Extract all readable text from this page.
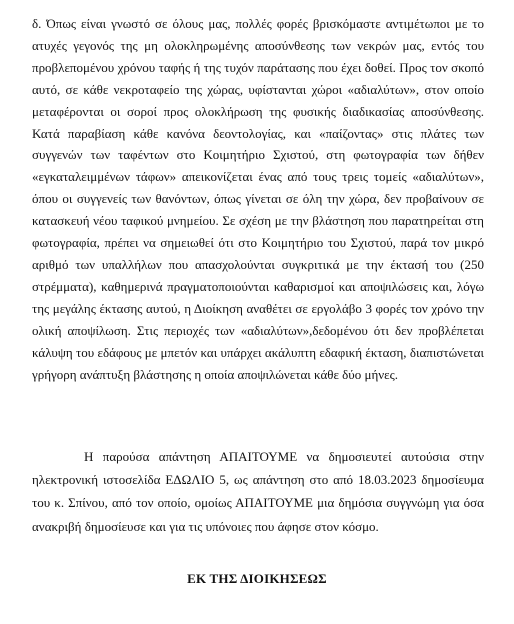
δ. Όπως είναι γνωστό σε όλους μας, πολλές φορές βρισκόμαστε αντιμέτωποι με το ατυχές γεγονός της μη ολοκληρωμένης αποσύνθεσης των νεκρών μας, εντός του προβλεπομένου χρόνου ταφής ή της τυχόν παράτασης που έχει δοθεί. Προς τον σκοπό αυτό, σε κάθε νεκροταφείο της χώρας, υφίστανται χώροι «αδιαλύτων», στον οποίο μεταφέρονται οι σοροί προς ολοκλήρωση της φυσικής διαδικασίας αποσύνθεσης. Κατά παραβίαση κάθε κανόνα δεοντολογίας, και «παίζοντας» στις πλάτες των συγγενών των ταφέντων στο Κοιμητήριο Σχιστού, στη φωτογραφία των δήθεν «εγκαταλειμμένων τάφων» απεικονίζεται ένας από τους τρεις τομείς «αδιαλύτων», όπου οι συγγενείς των θανόντων, όπως γίνεται σε όλη την χώρα, δεν προβαίνουν σε κατασκευή νέου ταφικού μνημείου. Σε σχέση με την βλάστηση που παρατηρείται στη φωτογραφία, πρέπει να σημειωθεί ότι στο Κοιμητήριο του Σχιστού, παρά τον μικρό αριθμό των υπαλλήλων που απασχολούνται συγκριτικά με την έκτασή του (250 στρέμματα), καθημερινά πραγματοποιούνται καθαρισμοί και αποψιλώσεις και, λόγω της μεγάλης έκτασης αυτού, η Διοίκηση αναθέτει σε εργολάβο 3 φορές τον χρόνο την ολική αποψίλωση. Στις περιοχές των «αδιαλύτων»,δεδομένου ότι δεν προβλέπεται κάλυψη του εδάφους με μπετόν και υπάρχει ακάλυπτη εδαφική έκταση, διαπιστώνεται γρήγορη ανάπτυξη βλάστησης η οποία αποψιλώνεται κάθε δύο μήνες.

Η παρούσα απάντηση ΑΠΑΙΤΟΥΜΕ να δημοσιευτεί αυτούσια στην ηλεκτρονική ιστοσελίδα ΕΔΩΛΙΟ 5, ως απάντηση στο από 18.03.2023 δημοσίευμα του κ. Σπίνου, από τον οποίο, ομοίως ΑΠΑΙΤΟΥΜΕ μια δημόσια συγγνώμη για όσα ανακριβή δημοσίευσε και για τις υπόνοιες που άφησε στον κόσμο.

ΕΚ ΤΗΣ ΔΙΟΙΚΗΣΕΩΣ
